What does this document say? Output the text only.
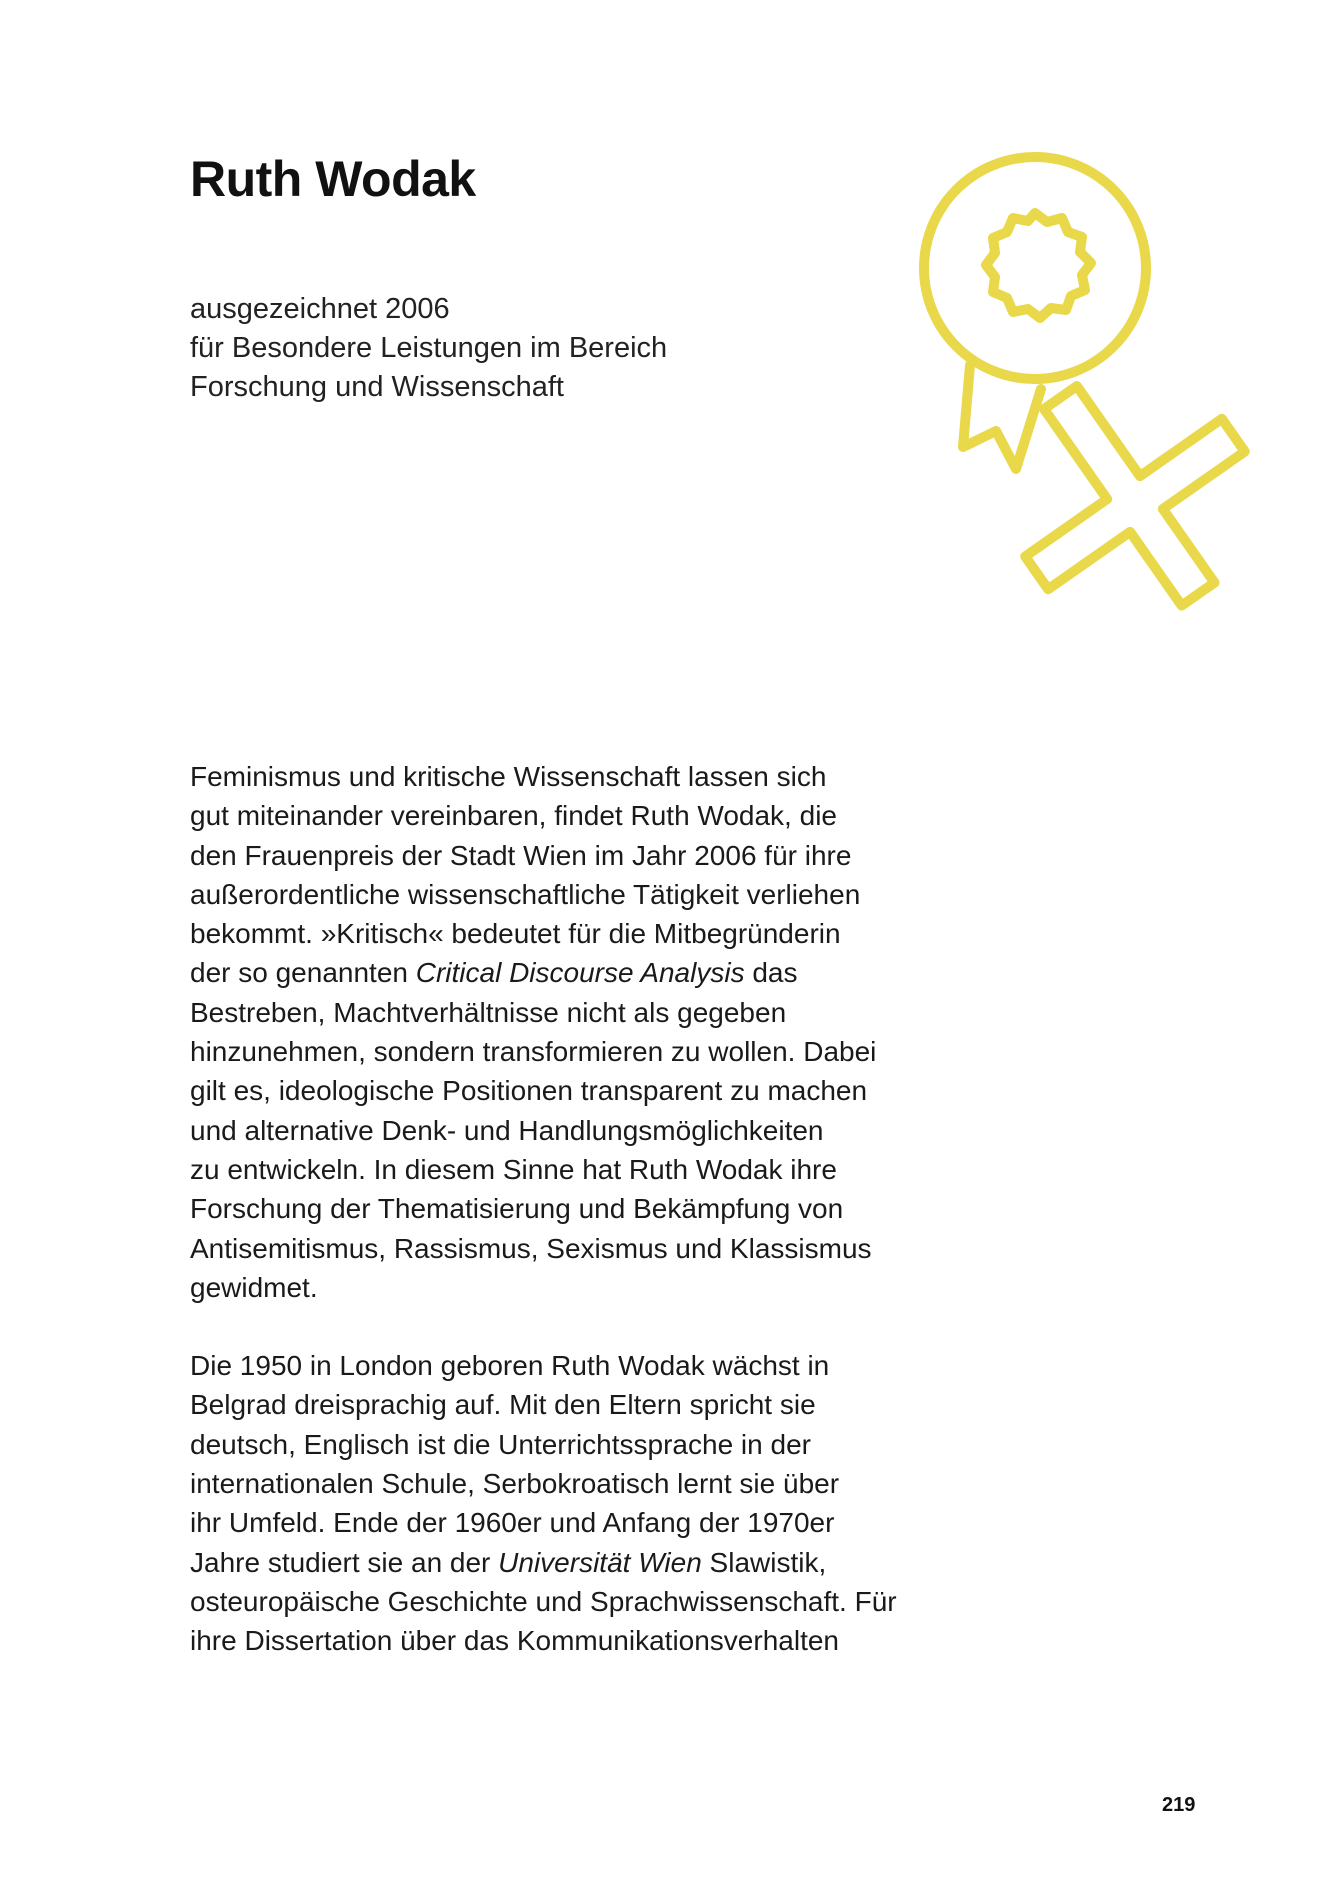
Ruth Wodak
ausgezeichnet 2006
für Besondere Leistungen im Bereich
Forschung und Wissenschaft

Feminismus und kritische Wissenschaft lassen sich
gut miteinander vereinbaren, findet Ruth Wodak, die
den Frauenpreis der Stadt Wien im Jahr 2006 für ihre
außerordentliche wissenschaftliche Tätigkeit verliehen
bekommt. »Kritisch« bedeutet für die Mitbegründerin
der so genannten Critical Discourse Analysis das
Bestreben, Machtverhältnisse nicht als gegeben
hinzunehmen, sondern transformieren zu wollen. Dabei
gilt es, ideologische Positionen transparent zu machen
und alternative Denk- und Handlungsmöglichkeiten
zu entwickeln. In diesem Sinne hat Ruth Wodak ihre
Forschung der Thematisierung und Bekämpfung von
Antisemitismus, Rassismus, Sexismus und Klassismus
gewidmet.

Die 1950 in London geboren Ruth Wodak wächst in
Belgrad dreisprachig auf. Mit den Eltern spricht sie
deutsch, Englisch ist die Unterrichtssprache in der
internationalen Schule, Serbokroatisch lernt sie über
ihr Umfeld. Ende der 1960er und Anfang der 1970er
Jahre studiert sie an der Universität Wien Slawistik,
osteuropäische Geschichte und Sprachwissenschaft. Für
ihre Dissertation über das Kommunikationsverhalten

219
